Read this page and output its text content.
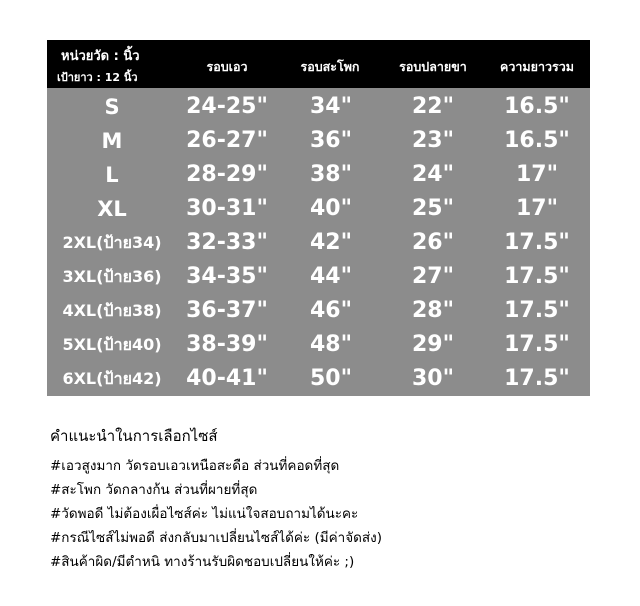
หน่วยวัด : นิ้ว
เป้ายาว : 12 นิ้ว
รอบเอว	รอบสะโพก	รอบปลายขา	ความยาวรวม
S	24-25"	34"	22"	16.5"
M	26-27"	36"	23"	16.5"
L	28-29"	38"	24"	17"
XL	30-31"	40"	25"	17"
2XL(ป้าย34)	32-33"	42"	26"	17.5"
3XL(ป้าย36)	34-35"	44"	27"	17.5"
4XL(ป้าย38)	36-37"	46"	28"	17.5"
5XL(ป้าย40)	38-39"	48"	29"	17.5"
6XL(ป้าย42)	40-41"	50"	30"	17.5"
คำแนะนำในการเลือกไซส์
#เอวสูงมาก วัดรอบเอวเหนือสะดือ ส่วนที่คอดที่สุด
#สะโพก วัดกลางก้น ส่วนที่ผายที่สุด
#วัดพอดี ไม่ต้องเผื่อไซส์ค่ะ ไม่แน่ใจสอบถามได้นะคะ
#กรณีไซส์ไม่พอดี ส่งกลับมาเปลี่ยนไซส์ได้ค่ะ (มีค่าจัดส่ง)
#สินค้าผิด/มีตำหนิ ทางร้านรับผิดชอบเปลี่ยนให้ค่ะ ;)
